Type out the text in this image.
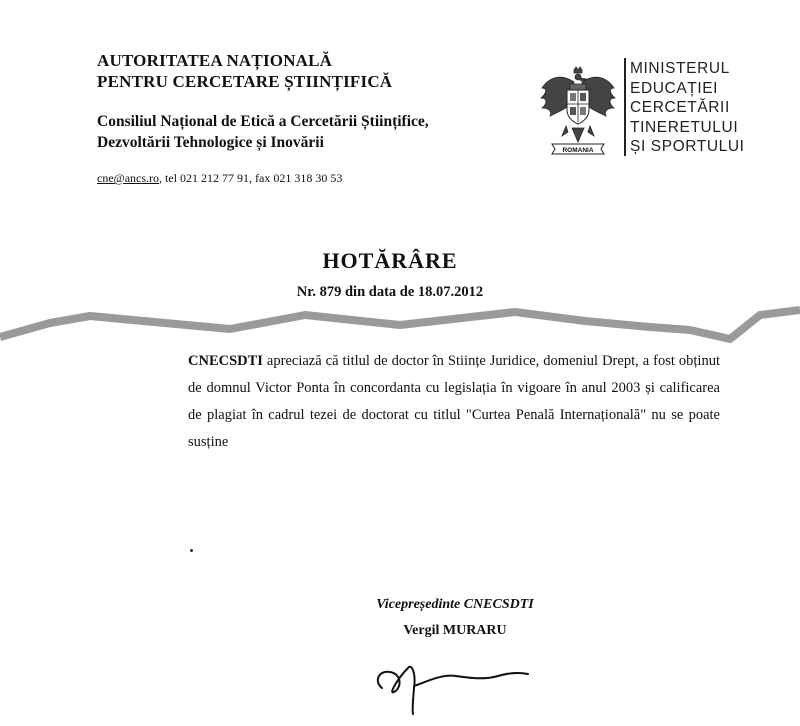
AUTORITATEA NAȚIONALĂ
PENTRU CERCETARE ȘTIINȚIFICĂ
Consiliul Național de Etică a Cercetării Științifice,
Dezvoltării Tehnologice și Inovării
cne@ancs.ro, tel 021 212 77 91, fax 021 318 30 53
ROMANIA
MINISTERUL
EDUCAȚIEI
CERCETĂRII
TINERETULUI
ȘI SPORTULUI
HOTĂRÂRE
Nr. 879 din data de 18.07.2012
CNECSDTI apreciază că titlul de doctor în Stiințe Juridice, domeniul Drept, a fost obținut de domnul Victor Ponta în concordanta cu legislația în vigoare în anul 2003 și calificarea de plagiat în cadrul tezei de doctorat cu titlul "Curtea Penală Internațională" nu se poate susține
Vicepreședinte CNECSDTI
Vergil MURARU
